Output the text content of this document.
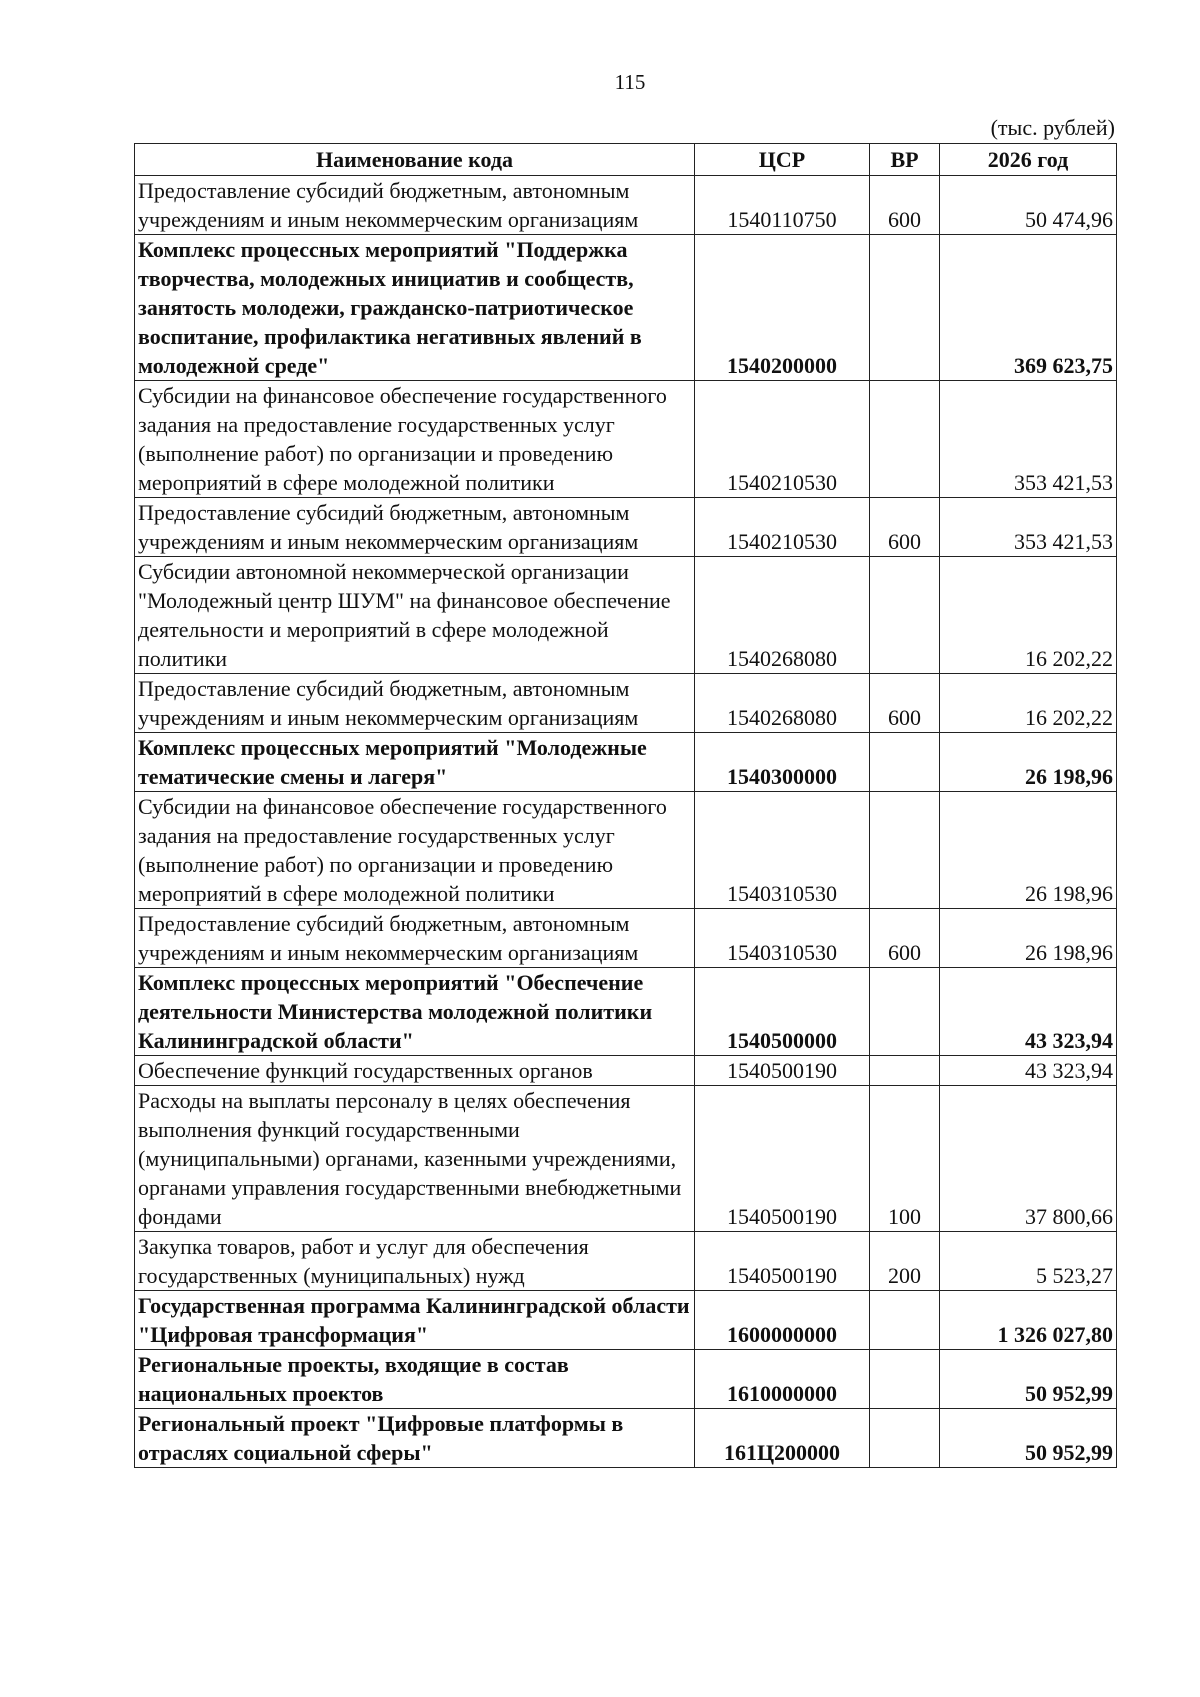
115
(тыс. рублей)
Наименование кода	ЦСР	ВР	2026 год
Предоставление субсидий бюджетным, автономным учреждениям и иным некоммерческим организациям	1540110750	600	50 474,96
Комплекс процессных мероприятий "Поддержка творчества, молодежных инициатив и сообществ, занятость молодежи, гражданско-патриотическое воспитание, профилактика негативных явлений в молодежной среде"	1540200000		369 623,75
Субсидии на финансовое обеспечение государственного задания на предоставление государственных услуг (выполнение работ) по организации и проведению мероприятий в сфере молодежной политики	1540210530		353 421,53
Предоставление субсидий бюджетным, автономным учреждениям и иным некоммерческим организациям	1540210530	600	353 421,53
Субсидии автономной некоммерческой организации "Молодежный центр ШУМ" на финансовое обеспечение деятельности и мероприятий в сфере молодежной политики	1540268080		16 202,22
Предоставление субсидий бюджетным, автономным учреждениям и иным некоммерческим организациям	1540268080	600	16 202,22
Комплекс процессных мероприятий "Молодежные тематические смены и лагеря"	1540300000		26 198,96
Субсидии на финансовое обеспечение государственного задания на предоставление государственных услуг (выполнение работ) по организации и проведению мероприятий в сфере молодежной политики	1540310530		26 198,96
Предоставление субсидий бюджетным, автономным учреждениям и иным некоммерческим организациям	1540310530	600	26 198,96
Комплекс процессных мероприятий "Обеспечение деятельности Министерства молодежной политики Калининградской области"	1540500000		43 323,94
Обеспечение функций государственных органов	1540500190		43 323,94
Расходы на выплаты персоналу в целях обеспечения выполнения функций государственными (муниципальными) органами, казенными учреждениями, органами управления государственными внебюджетными фондами	1540500190	100	37 800,66
Закупка товаров, работ и услуг для обеспечения государственных (муниципальных) нужд	1540500190	200	5 523,27
Государственная программа Калининградской области "Цифровая трансформация"	1600000000		1 326 027,80
Региональные проекты, входящие в состав национальных проектов	1610000000		50 952,99
Региональный проект "Цифровые платформы в отраслях социальной сферы"	161Ц200000		50 952,99
